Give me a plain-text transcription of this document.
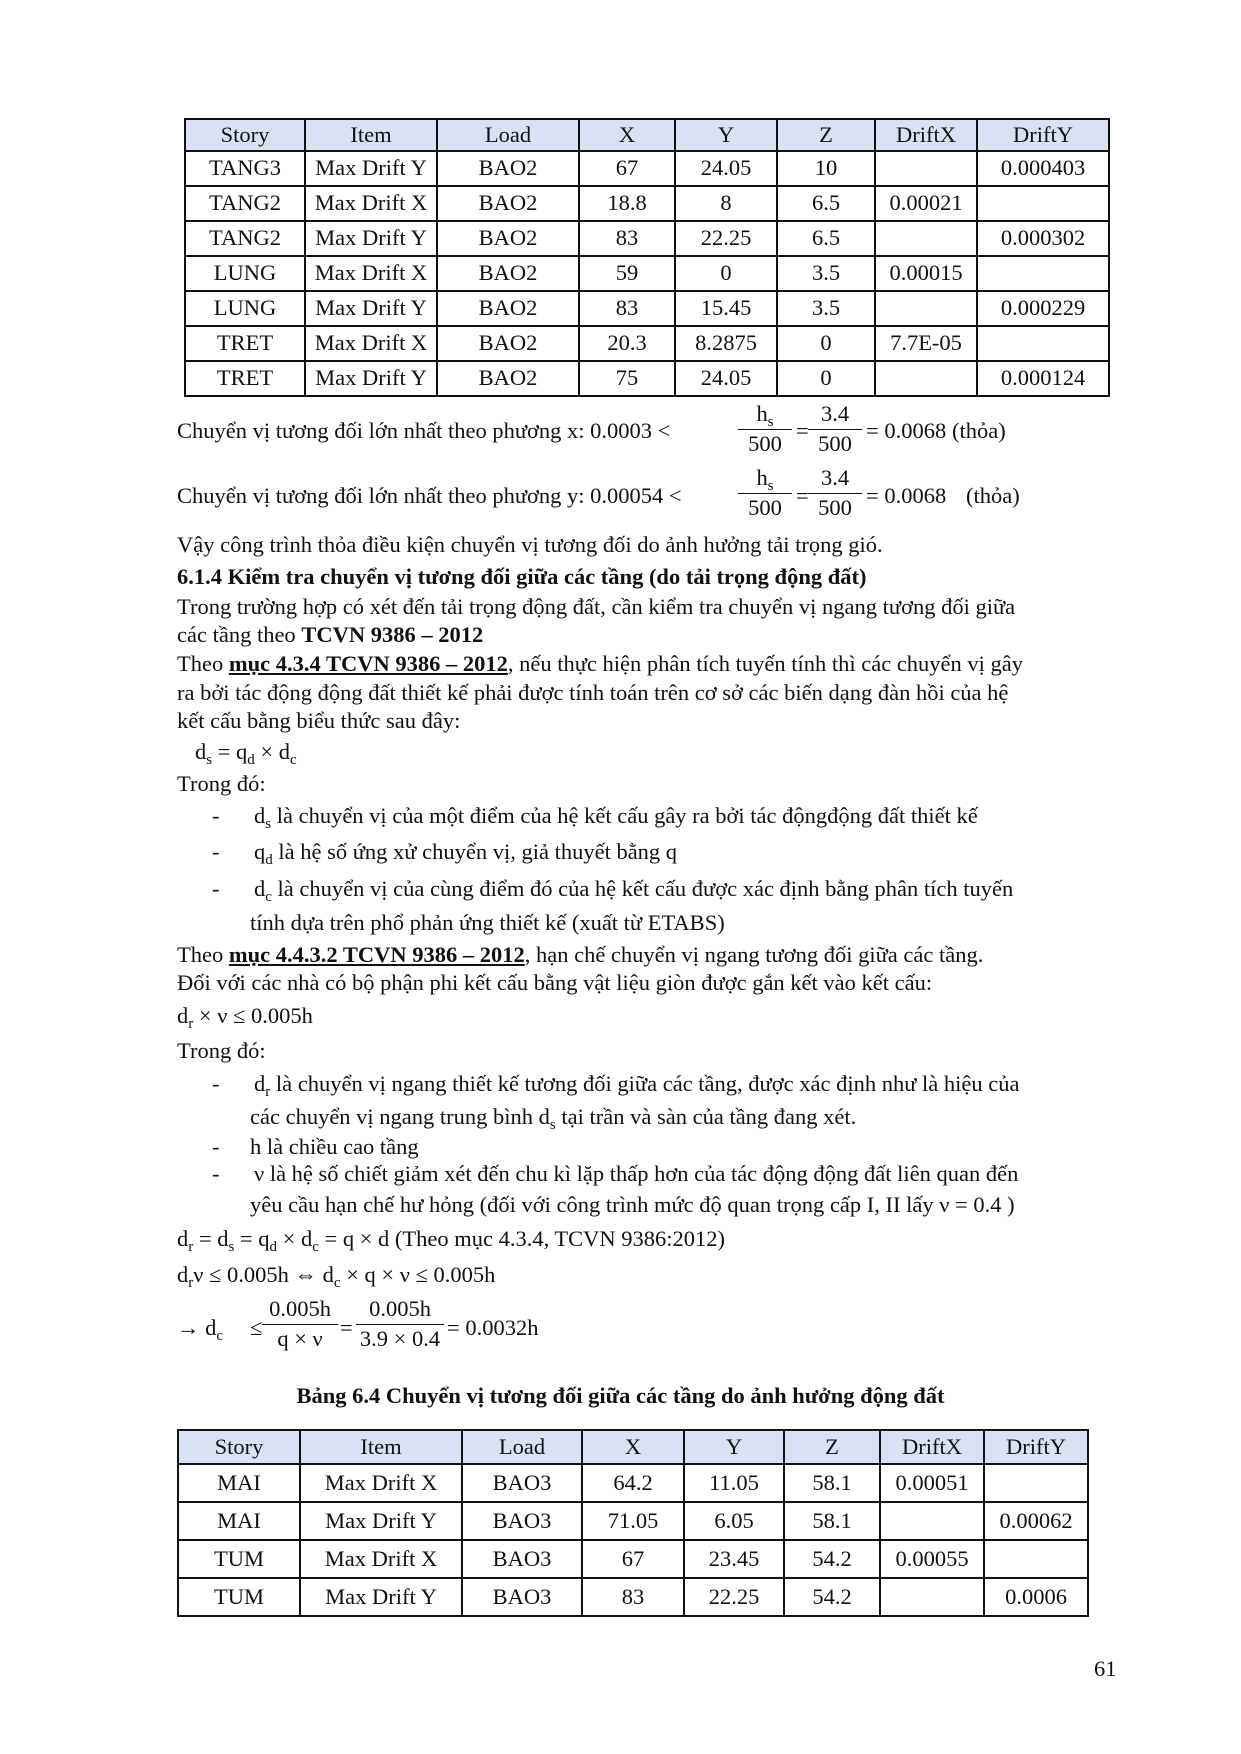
Story	Item	Load	X	Y	Z	DriftX	DriftY
TANG3	Max Drift Y	BAO2	67	24.05	10		0.000403
TANG2	Max Drift X	BAO2	18.8	8	6.5	0.00021	
TANG2	Max Drift Y	BAO2	83	22.25	6.5		0.000302
LUNG	Max Drift X	BAO2	59	0	3.5	0.00015	
LUNG	Max Drift Y	BAO2	83	15.45	3.5		0.000229
TRET	Max Drift X	BAO2	20.3	8.2875	0	7.7E-05	
TRET	Max Drift Y	BAO2	75	24.05	0		0.000124
Chuyển vị tương đối lớn nhất theo phương x: 0.0003 <	$\frac{h_s}{500} = \frac{3.4}{500} = 0.0068$ (thỏa)
Chuyển vị tương đối lớn nhất theo phương y: 0.00054 <	$\frac{h_s}{500} = \frac{3.4}{500} = 0.0068$ (thỏa)
Vậy công trình thỏa điều kiện chuyển vị tương đối do ảnh hưởng tải trọng gió.
6.1.4 Kiểm tra chuyển vị tương đối giữa các tầng (do tải trọng động đất)
Trong trường hợp có xét đến tải trọng động đất, cần kiểm tra chuyển vị ngang tương đối giữa
các tầng theo TCVN 9386 – 2012
Theo mục 4.3.4 TCVN 9386 – 2012, nếu thực hiện phân tích tuyến tính thì các chuyển vị gây
ra bởi tác động động đất thiết kế phải được tính toán trên cơ sở các biến dạng đàn hồi của hệ
kết cấu bằng biểu thức sau đây:
$d_s = q_d \times d_c$
Trong đó:
- $d_s$ là chuyển vị của một điểm của hệ kết cấu gây ra bởi tác độngđộng đất thiết kế
- $q_d$ là hệ số ứng xử chuyển vị, giả thuyết bằng q
- $d_c$ là chuyển vị của cùng điểm đó của hệ kết cấu được xác định bằng phân tích tuyến
tính dựa trên phổ phản ứng thiết kế (xuất từ ETABS)
Theo mục 4.4.3.2 TCVN 9386 – 2012, hạn chế chuyển vị ngang tương đối giữa các tầng.
Đối với các nhà có bộ phận phi kết cấu bằng vật liệu giòn được gắn kết vào kết cấu:
$d_r \times \nu \le 0.005h$
Trong đó:
- $d_r$ là chuyển vị ngang thiết kế tương đối giữa các tầng, được xác định như là hiệu của
các chuyển vị ngang trung bình $d_s$ tại trần và sàn của tầng đang xét.
- h là chiều cao tầng
- ν là hệ số chiết giảm xét đến chu kì lặp thấp hơn của tác động động đất liên quan đến
yêu cầu hạn chế hư hỏng (đối với công trình mức độ quan trọng cấp I, II lấy ν = 0.4 )
$d_r = d_s = q_d \times d_c = q \times d$ (Theo mục 4.3.4, TCVN 9386:2012)
$d_r\nu \le 0.005h$ ⇔ $d_c \times q \times \nu \le 0.005h$
→ $d_c \le \frac{0.005h}{q \times \nu} = \frac{0.005h}{3.9 \times 0.4} = 0.0032h$
Bảng 6.4 Chuyển vị tương đối giữa các tầng do ảnh hưởng động đất
Story	Item	Load	X	Y	Z	DriftX	DriftY
MAI	Max Drift X	BAO3	64.2	11.05	58.1	0.00051	
MAI	Max Drift Y	BAO3	71.05	6.05	58.1		0.00062
TUM	Max Drift X	BAO3	67	23.45	54.2	0.00055	
TUM	Max Drift Y	BAO3	83	22.25	54.2		0.0006
61
